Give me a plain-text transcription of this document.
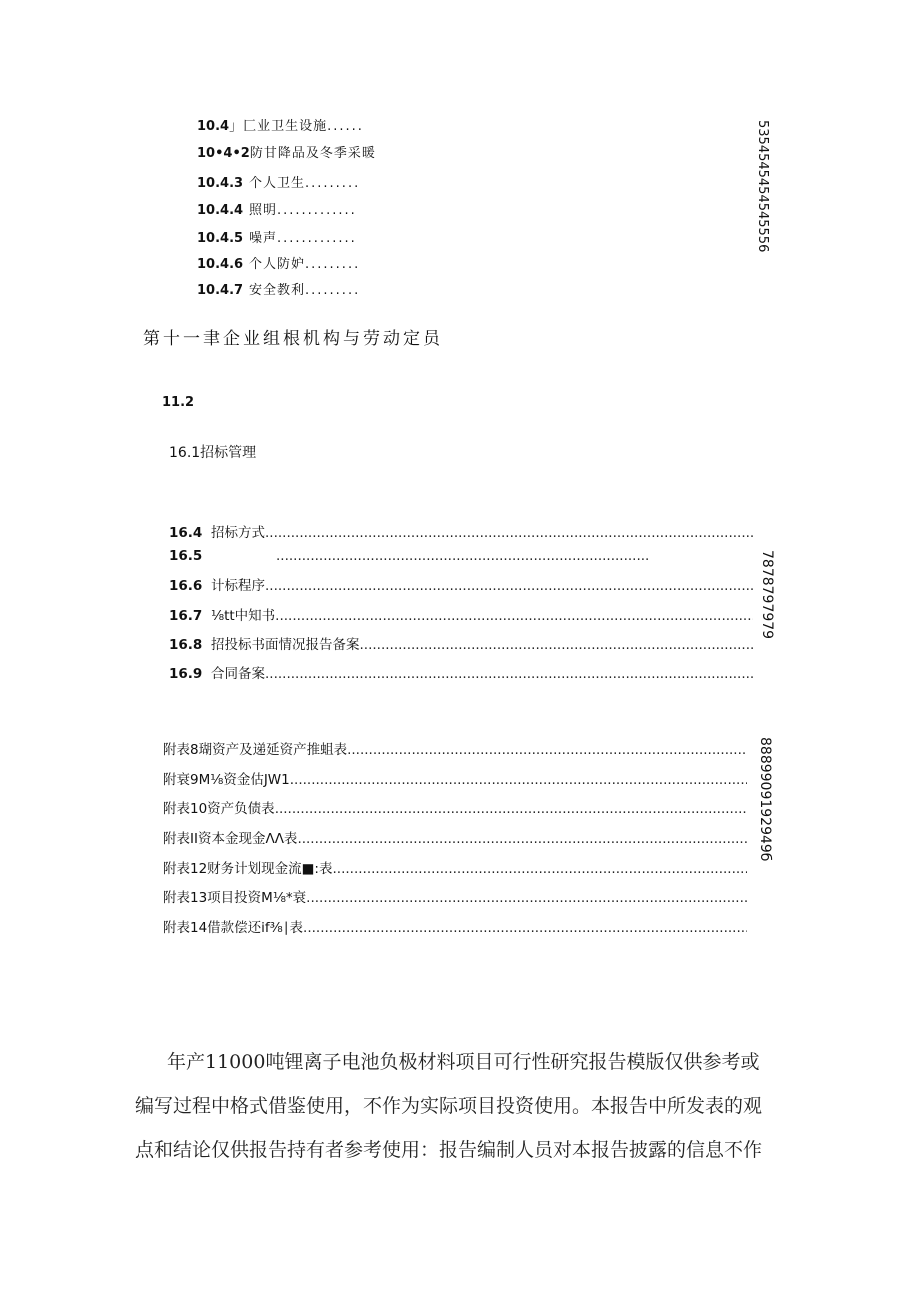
10.4 」匚业卫生设施 ......
10•4•2 防甘降品及冬季采暖
10.4.3 个人卫生 .........
10.4.4 照明 .............
10.4.5 噪声 .............
10.4.6 个人防妒 .........
10.4.7 安全教利 .........
5354545454545556
第十一聿企业组根机构与劳动定员
11.2
16.1招标管理
16.4 招标方式
.....
16.5
.....
16.6 计标程序
.....
16.7 ⅛tt中知书
.....
16.8 招投标书面情况报告备案
.....
16.9 合同备案
.....
7878797979
附表8瑚资产及递延资产推蛆表
.....
附衰9M⅛资金估JW1.
.....
附表10资产负债表
.....
附表II资本金现金ΛΛ表
.....
附表12财务计划现金流■:表
.....
附表13项目投资M⅛*衰
.....
附表14借款偿还if⅜∣表
.....
8889909192949б
年产11000吨锂离子电池负极材料项目可行性研究报告模版仅供参考或
编写过程中格式借鉴使用，不作为实际项目投资使用。本报告中所发表的观
点和结论仅供报告持有者参考使用：报告编制人员对本报告披露的信息不作
